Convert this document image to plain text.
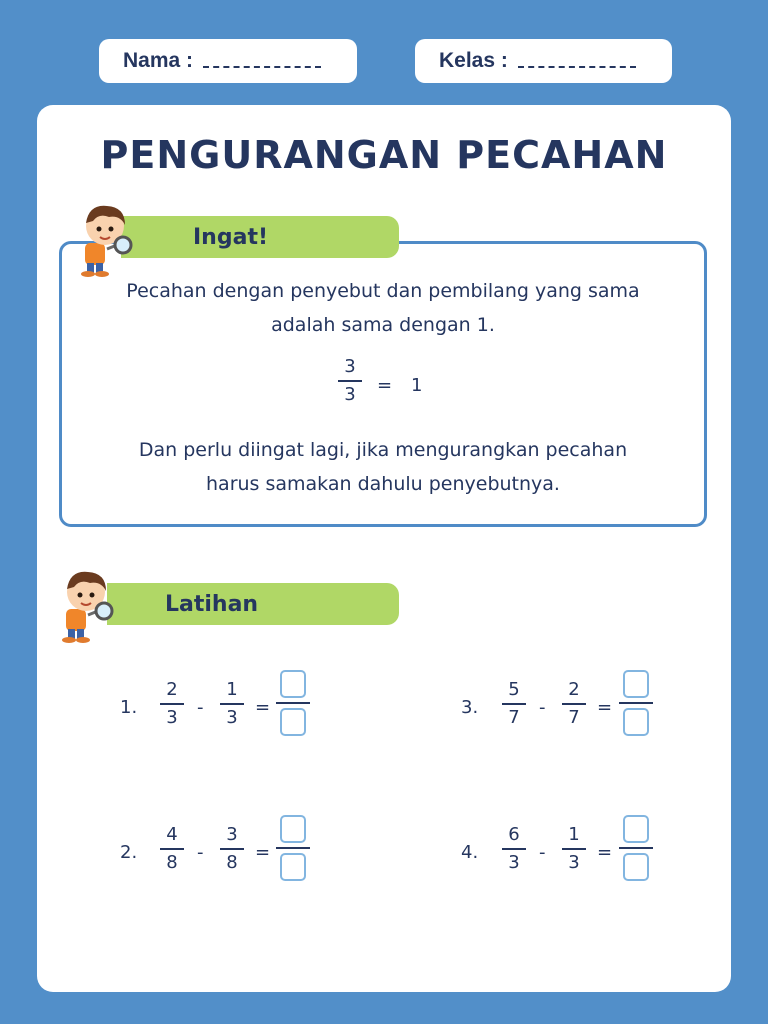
Nama :	Kelas :
PENGURANGAN PECAHAN
Pecahan dengan penyebut dan pembilang yang sama
adalah sama dengan 1.
3
3 = 1
Dan perlu diingat lagi, jika mengurangkan pecahan
harus samakan dahulu penyebutnya.
Ingat!
Latihan
1.
2
3 -
1
3 =
2.
4
8 -
3
8 =
3.
5
7 -
2
7 =
4.
6
3 -
1
3 =
